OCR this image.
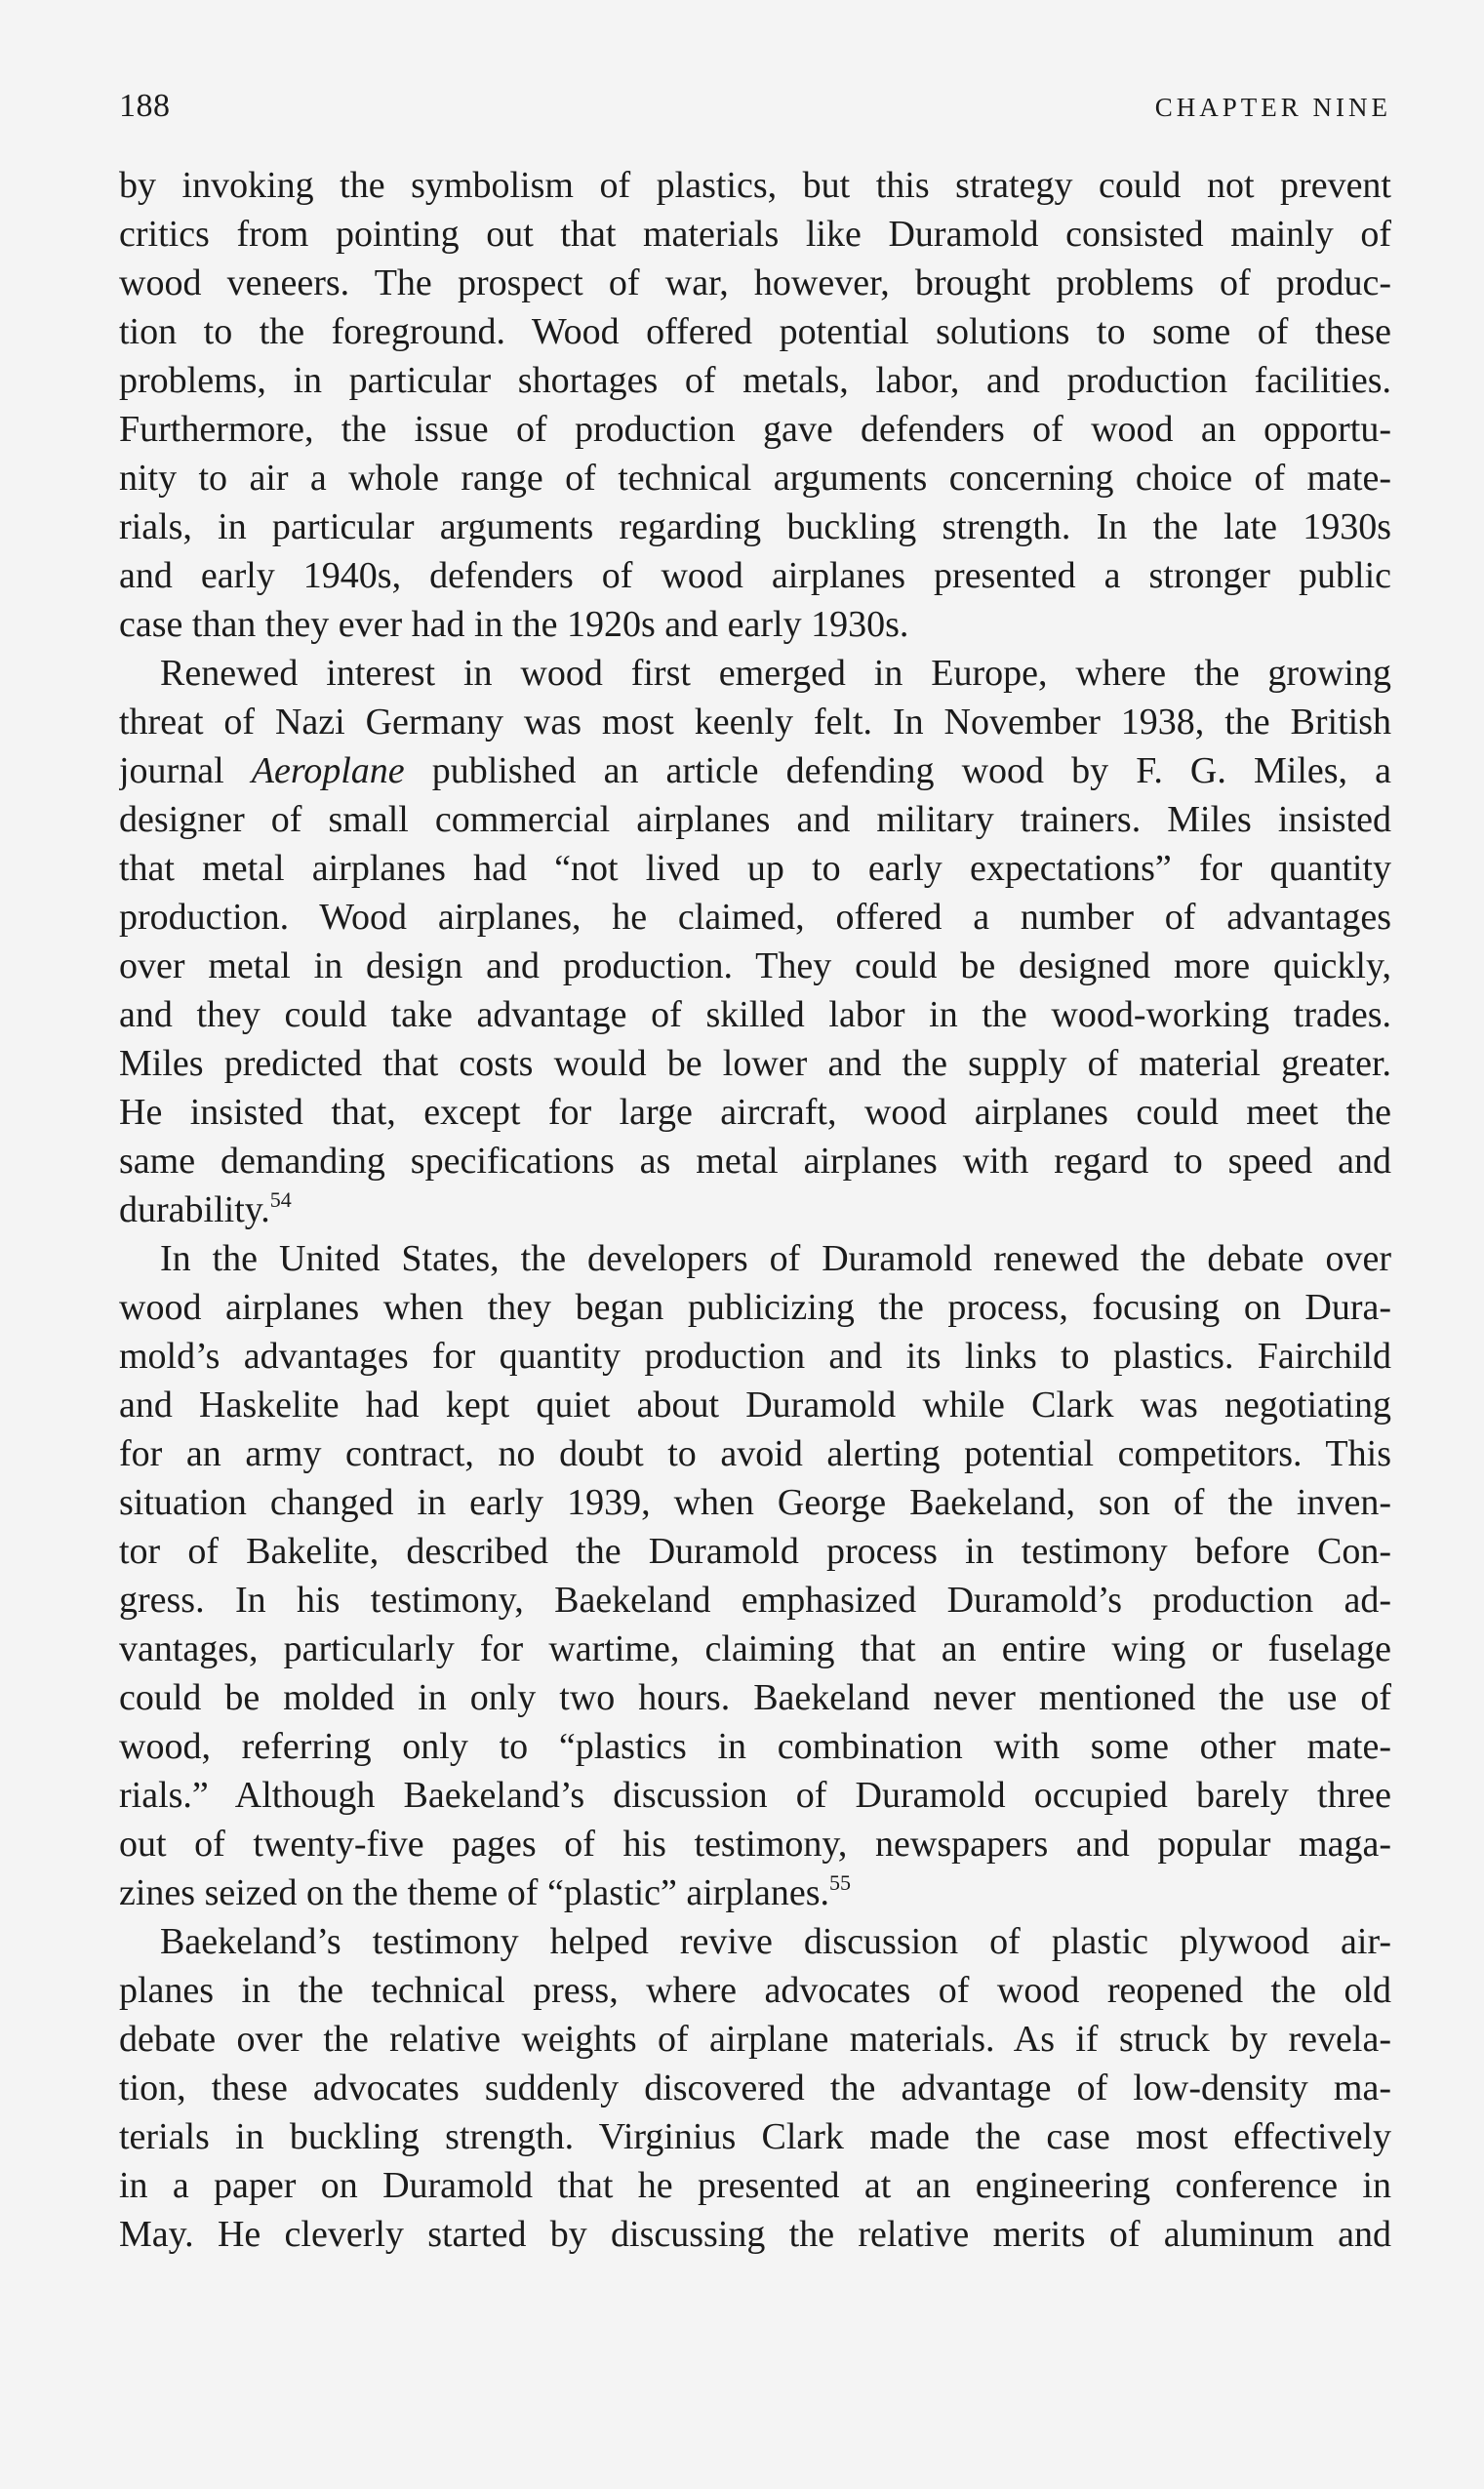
188	CHAPTER NINE
by invoking the symbolism of plastics, but this strategy could not prevent
critics from pointing out that materials like Duramold consisted mainly of
wood veneers. The prospect of war, however, brought problems of produc-
tion to the foreground. Wood offered potential solutions to some of these
problems, in particular shortages of metals, labor, and production facilities.
Furthermore, the issue of production gave defenders of wood an opportu-
nity to air a whole range of technical arguments concerning choice of mate-
rials, in particular arguments regarding buckling strength. In the late 1930s
and early 1940s, defenders of wood airplanes presented a stronger public
case than they ever had in the 1920s and early 1930s.
Renewed interest in wood first emerged in Europe, where the growing
threat of Nazi Germany was most keenly felt. In November 1938, the British
journal Aeroplane published an article defending wood by F. G. Miles, a
designer of small commercial airplanes and military trainers. Miles insisted
that metal airplanes had “not lived up to early expectations” for quantity
production. Wood airplanes, he claimed, offered a number of advantages
over metal in design and production. They could be designed more quickly,
and they could take advantage of skilled labor in the wood-working trades.
Miles predicted that costs would be lower and the supply of material greater.
He insisted that, except for large aircraft, wood airplanes could meet the
same demanding specifications as metal airplanes with regard to speed and
durability.$^{54}$
In the United States, the developers of Duramold renewed the debate over
wood airplanes when they began publicizing the process, focusing on Dura-
mold’s advantages for quantity production and its links to plastics. Fairchild
and Haskelite had kept quiet about Duramold while Clark was negotiating
for an army contract, no doubt to avoid alerting potential competitors. This
situation changed in early 1939, when George Baekeland, son of the inven-
tor of Bakelite, described the Duramold process in testimony before Con-
gress. In his testimony, Baekeland emphasized Duramold’s production ad-
vantages, particularly for wartime, claiming that an entire wing or fuselage
could be molded in only two hours. Baekeland never mentioned the use of
wood, referring only to “plastics in combination with some other mate-
rials.” Although Baekeland’s discussion of Duramold occupied barely three
out of twenty-five pages of his testimony, newspapers and popular maga-
zines seized on the theme of “plastic” airplanes.$^{55}$
Baekeland’s testimony helped revive discussion of plastic plywood air-
planes in the technical press, where advocates of wood reopened the old
debate over the relative weights of airplane materials. As if struck by revela-
tion, these advocates suddenly discovered the advantage of low-density ma-
terials in buckling strength. Virginius Clark made the case most effectively
in a paper on Duramold that he presented at an engineering conference in
May. He cleverly started by discussing the relative merits of aluminum and
